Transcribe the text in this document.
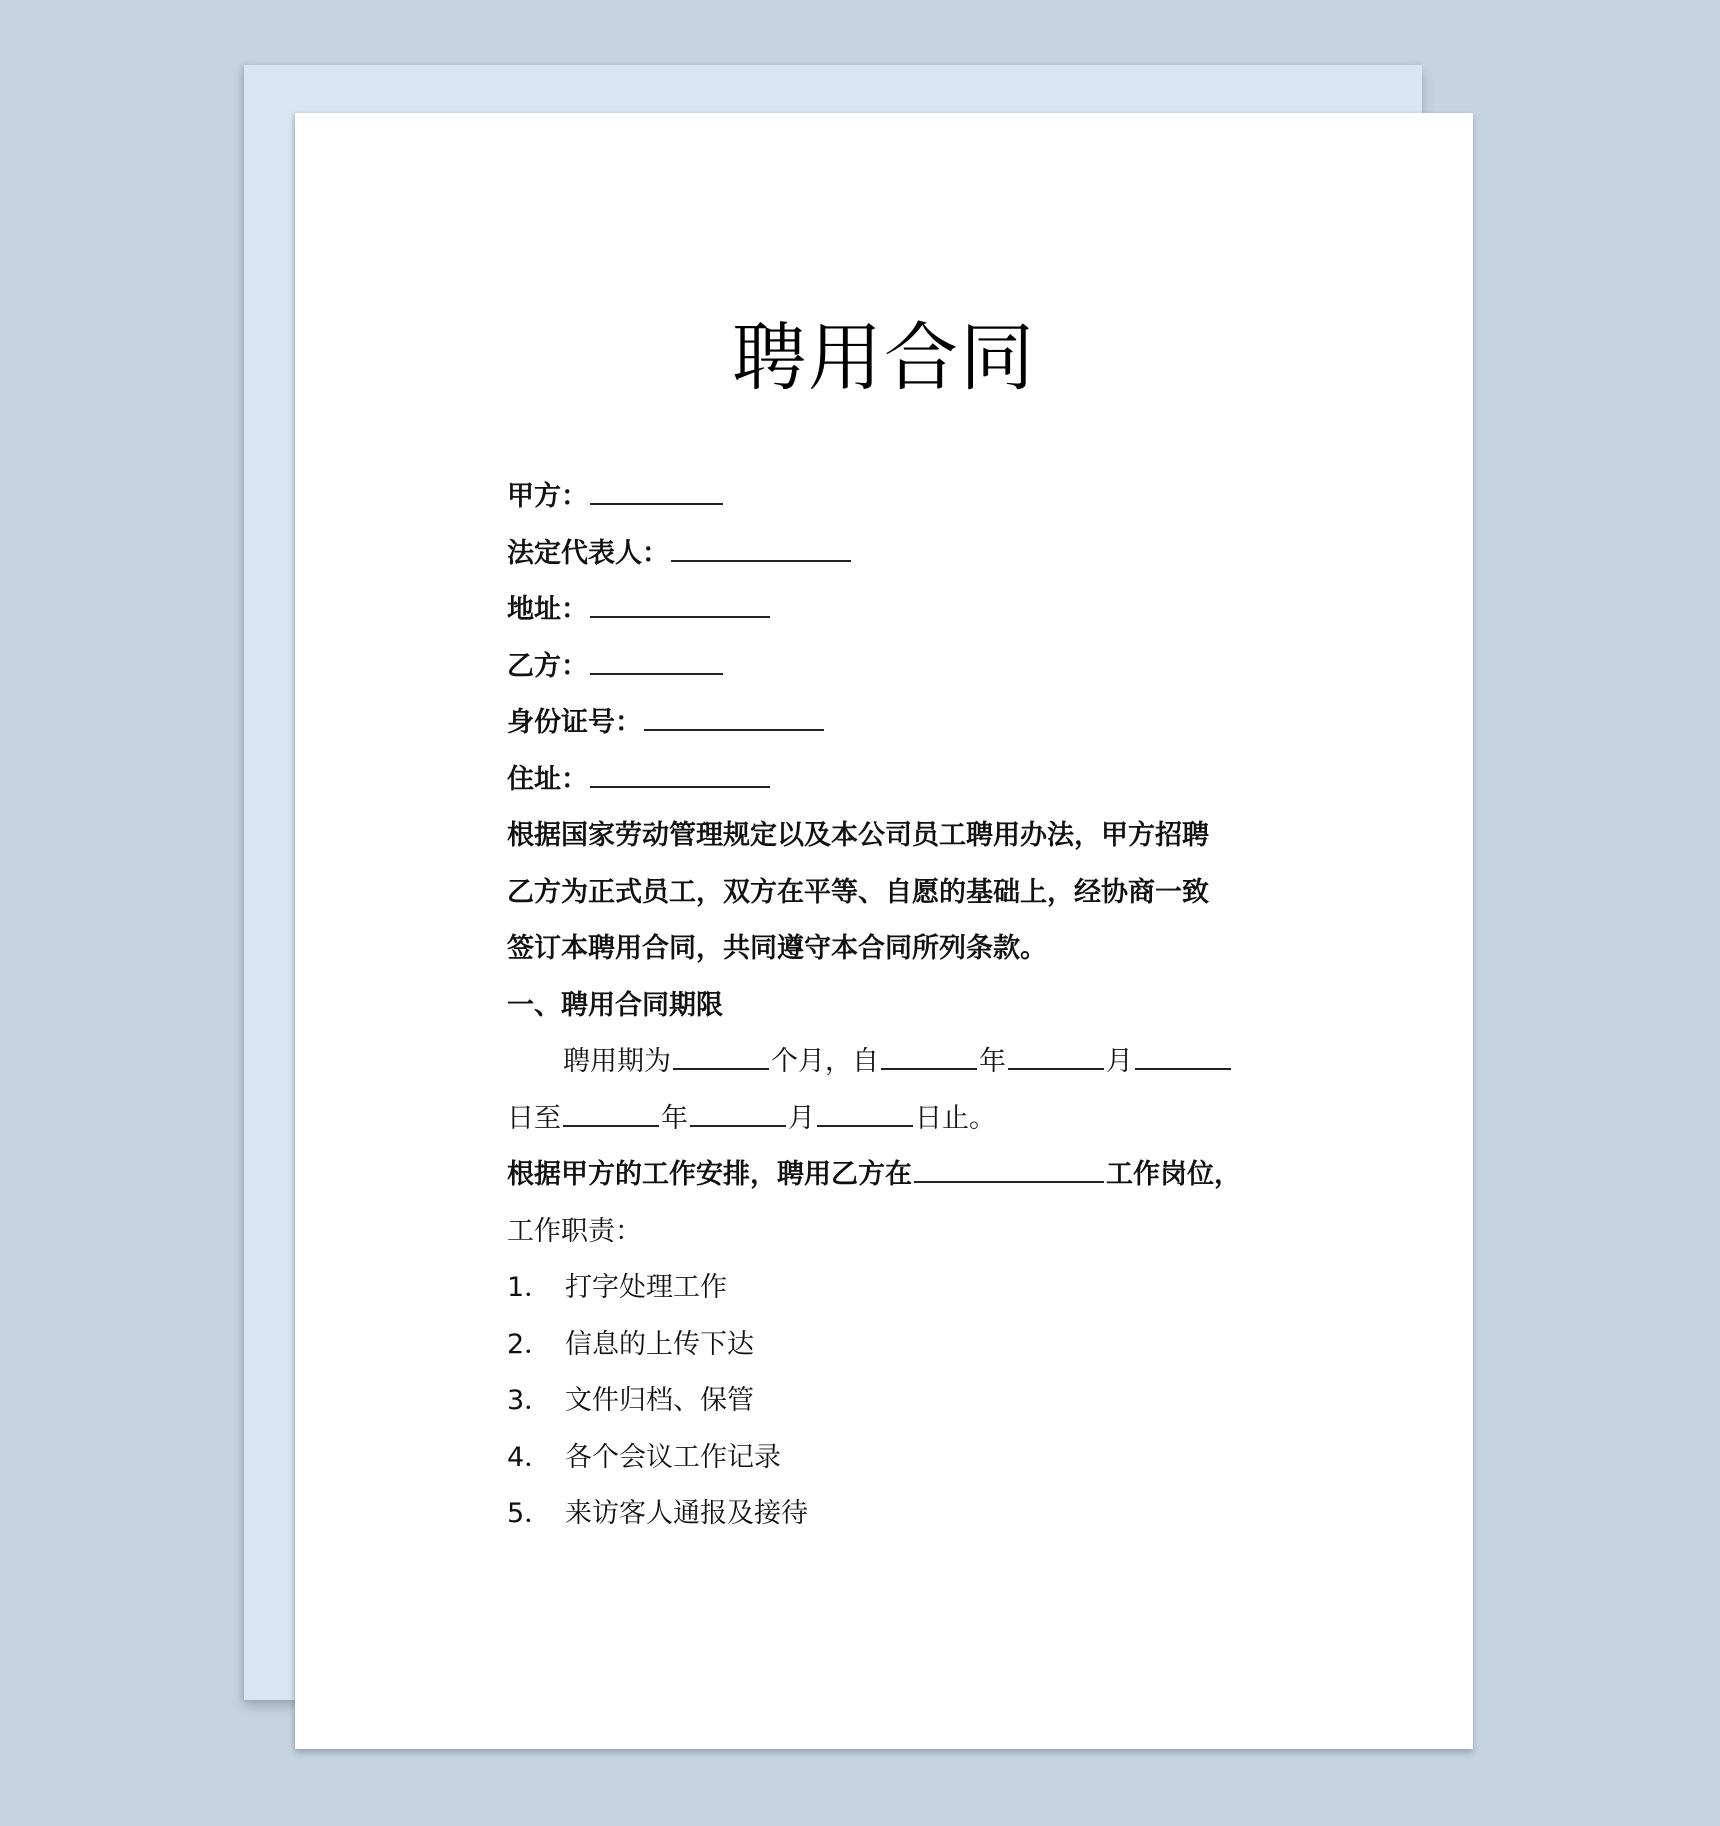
聘用合同
甲方：
法定代表人：
地址：
乙方：
身份证号：
住址：
根据国家劳动管理规定以及本公司员工聘用办法，甲方招聘
乙方为正式员工，双方在平等、自愿的基础上，经协商一致
签订本聘用合同，共同遵守本合同所列条款。
一、聘用合同期限
聘用期为	个月，自	年	月
日至	年	月	日止。
根据甲方的工作安排，聘用乙方在	工作岗位，
工作职责：
1． 打字处理工作
2． 信息的上传下达
3． 文件归档、保管
4． 各个会议工作记录
5． 来访客人通报及接待
